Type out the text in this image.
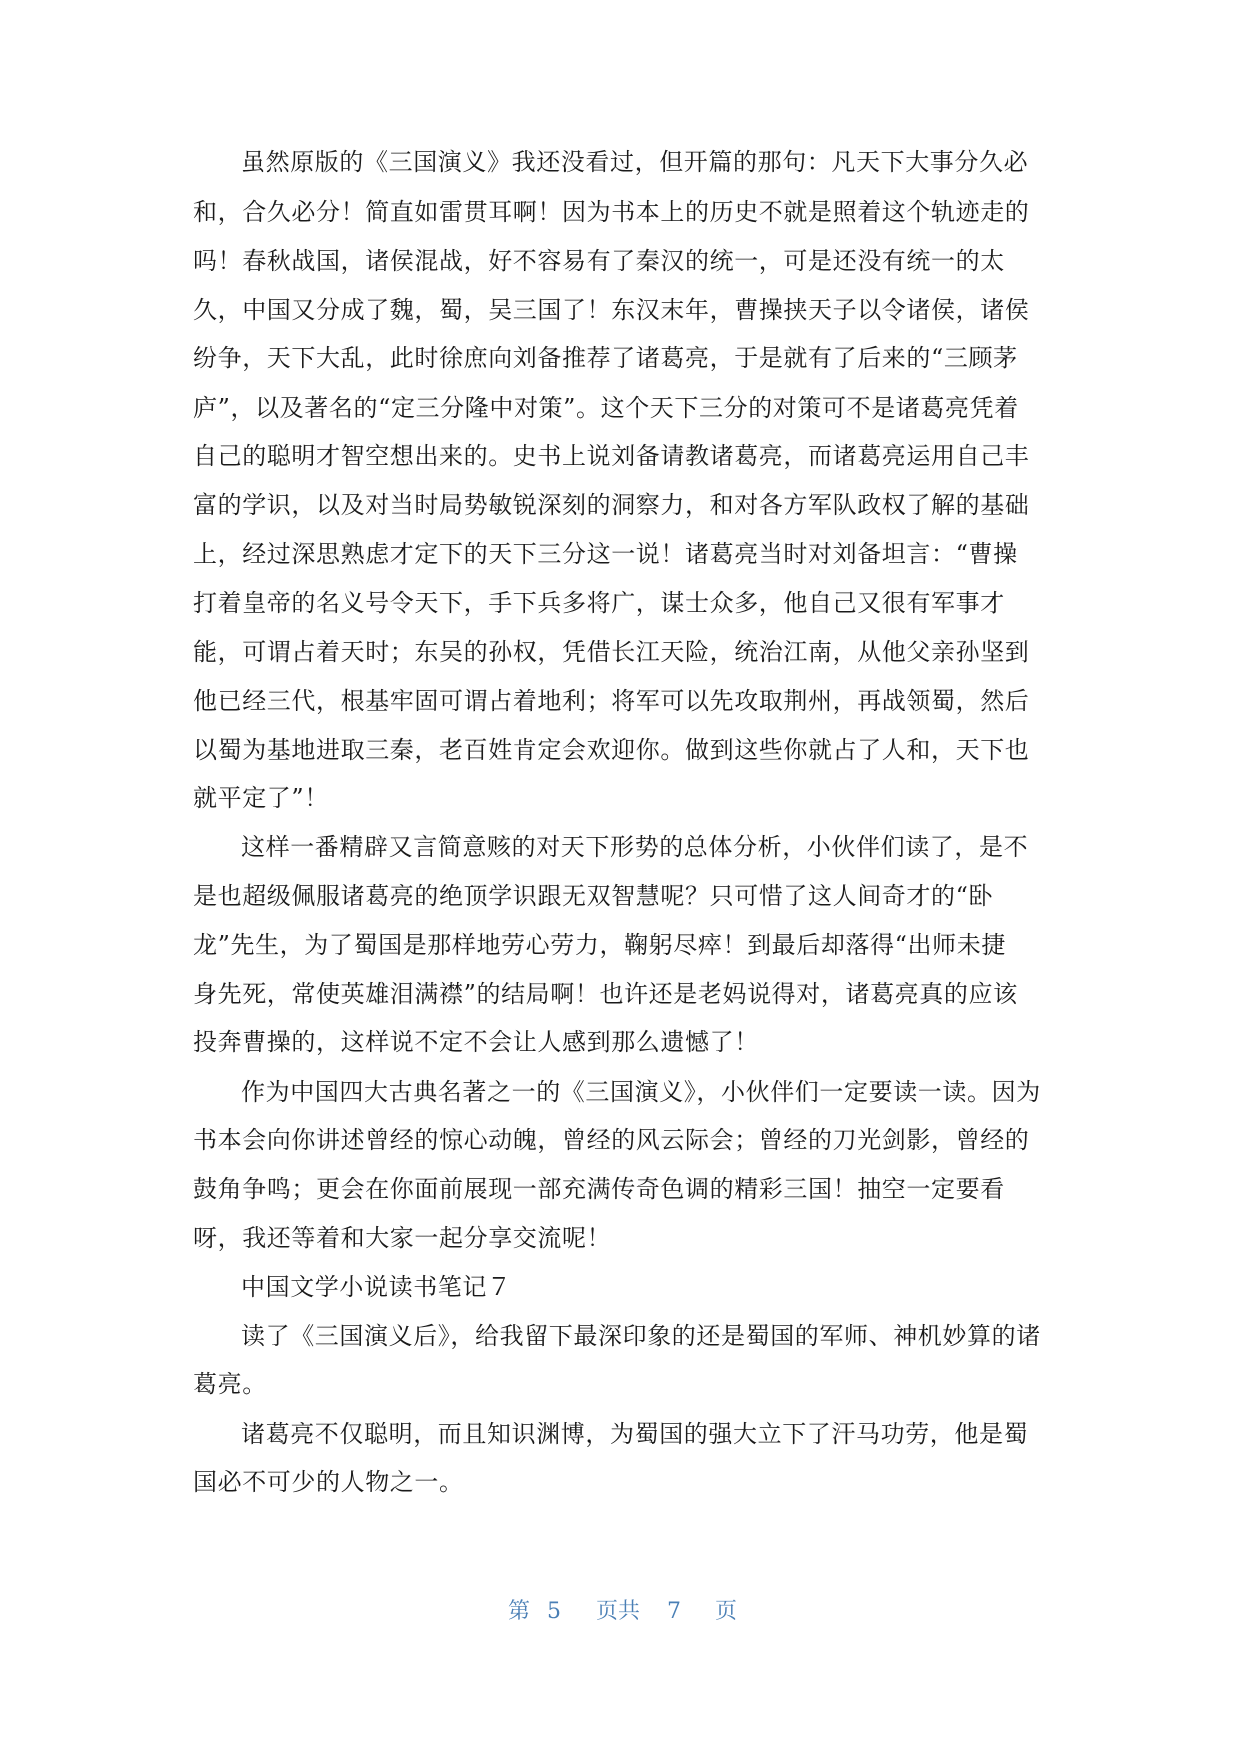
虽然原版的《三国演义》我还没看过，但开篇的那句：凡天下大事分久必
和，合久必分！简直如雷贯耳啊！因为书本上的历史不就是照着这个轨迹走的
吗！春秋战国，诸侯混战，好不容易有了秦汉的统一，可是还没有统一的太
久，中国又分成了魏，蜀，吴三国了！东汉末年，曹操挟天子以令诸侯，诸侯
纷争，天下大乱，此时徐庶向刘备推荐了诸葛亮，于是就有了后来的“三顾茅
庐”，以及著名的“定三分隆中对策”。这个天下三分的对策可不是诸葛亮凭着
自己的聪明才智空想出来的。史书上说刘备请教诸葛亮，而诸葛亮运用自己丰
富的学识，以及对当时局势敏锐深刻的洞察力，和对各方军队政权了解的基础
上，经过深思熟虑才定下的天下三分这一说！诸葛亮当时对刘备坦言：“曹操
打着皇帝的名义号令天下，手下兵多将广，谋士众多，他自己又很有军事才
能，可谓占着天时；东吴的孙权，凭借长江天险，统治江南，从他父亲孙坚到
他已经三代，根基牢固可谓占着地利；将军可以先攻取荆州，再战领蜀，然后
以蜀为基地进取三秦，老百姓肯定会欢迎你。做到这些你就占了人和，天下也
就平定了”！
这样一番精辟又言简意赅的对天下形势的总体分析，小伙伴们读了，是不
是也超级佩服诸葛亮的绝顶学识跟无双智慧呢？只可惜了这人间奇才的“卧
龙”先生，为了蜀国是那样地劳心劳力，鞠躬尽瘁！到最后却落得“出师未捷
身先死，常使英雄泪满襟”的结局啊！也许还是老妈说得对，诸葛亮真的应该
投奔曹操的，这样说不定不会让人感到那么遗憾了！
作为中国四大古典名著之一的《三国演义》，小伙伴们一定要读一读。因为
书本会向你讲述曾经的惊心动魄，曾经的风云际会；曾经的刀光剑影，曾经的
鼓角争鸣；更会在你面前展现一部充满传奇色调的精彩三国！抽空一定要看
呀，我还等着和大家一起分享交流呢！
中国文学小说读书笔记７
读了《三国演义后》，给我留下最深印象的还是蜀国的军师、神机妙算的诸
葛亮。
诸葛亮不仅聪明，而且知识渊博，为蜀国的强大立下了汗马功劳，他是蜀
国必不可少的人物之一。
第 5 页共 7 页
